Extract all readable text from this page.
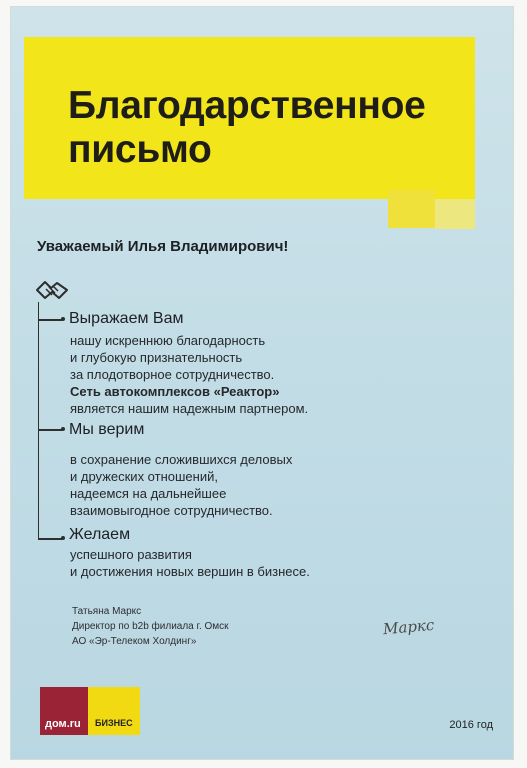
Благодарственное
письмо
Уважаемый Илья Владимирович!
Выражаем Вам
нашу искреннюю благодарность
и глубокую признательность
за плодотворное сотрудничество.
Сеть автокомплексов «Реактор»
является нашим надежным партнером.
Мы верим
в сохранение сложившихся деловых
и дружеских отношений,
надеемся на дальнейшее
взаимовыгодное сотрудничество.
Желаем
успешного развития
и достижения новых вершин в бизнесе.
Татьяна Маркс
Директор по b2b филиала г. Омск
АО «Эр-Телеком Холдинг»
Маркс
дом.ru БИЗНЕС	2016 год
